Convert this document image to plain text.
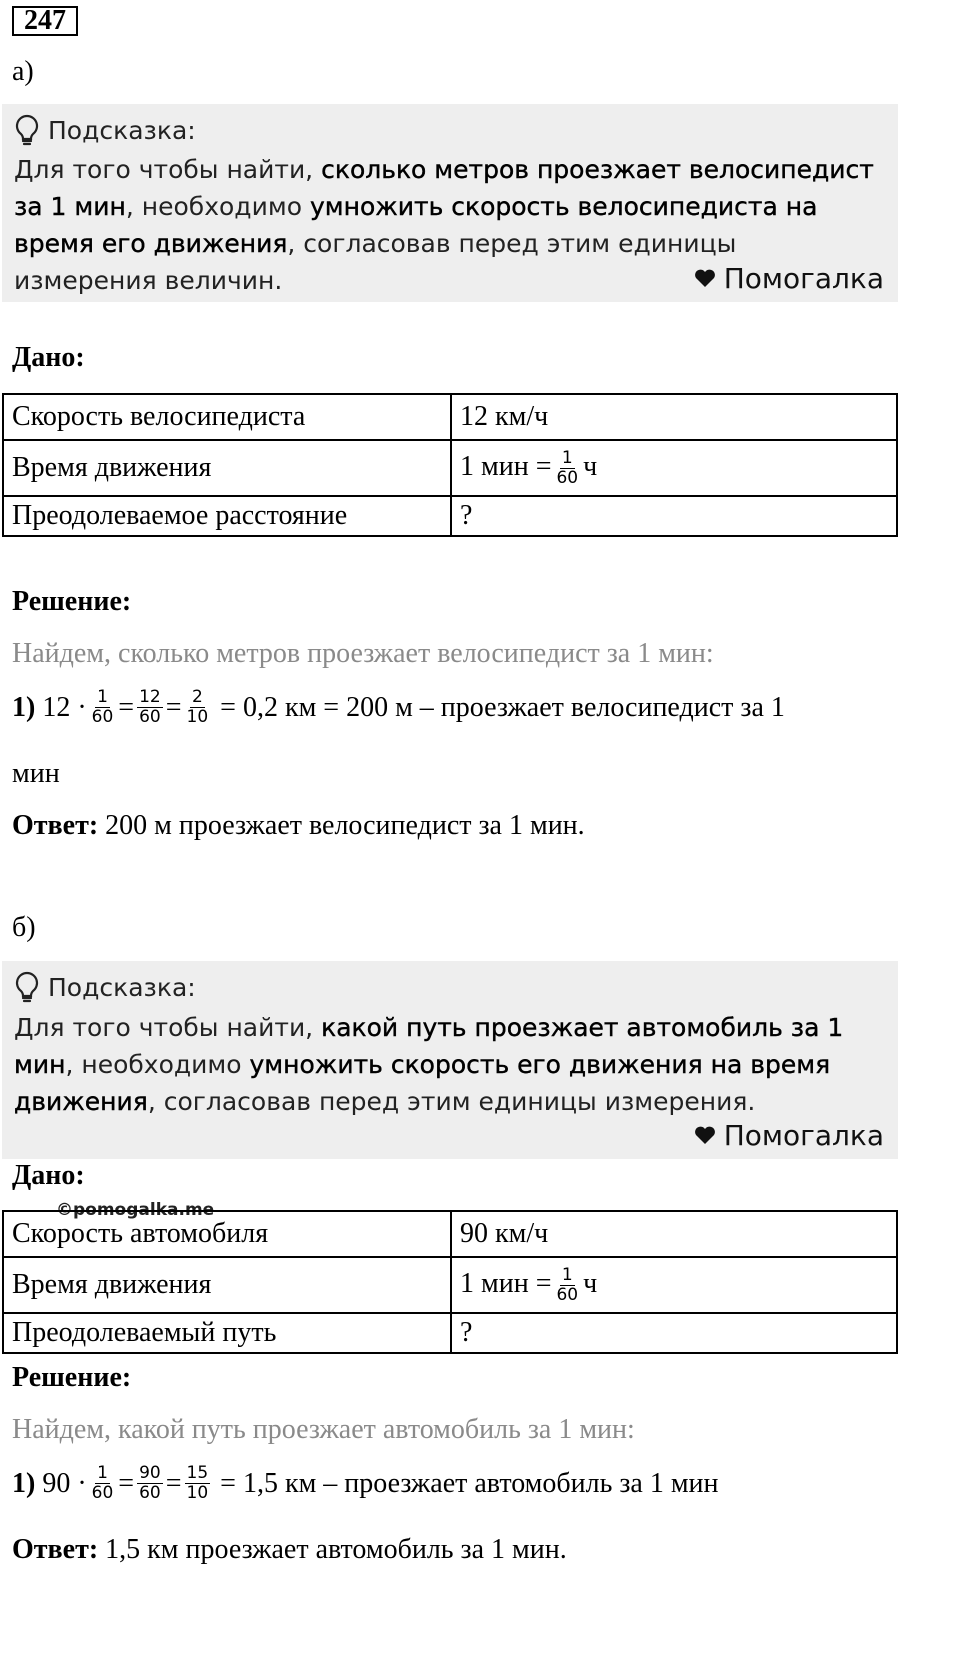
247
а)
Подсказка:
Для того чтобы найти, сколько метров проезжает велосипедист за 1 мин, необходимо умножить скорость велосипедиста на время его движения, согласовав перед этим единицы измерения величин.	Помогалка
Дано:
Скорость велосипедиста	12 км/ч
Время движения	1 мин = $\frac{1}{60}$ ч
Преодолеваемое расстояние	?
Решение:
Найдем, сколько метров проезжает велосипедист за 1 мин:
1)
$12 \cdot \frac{1}{60} = \frac{12}{60} = \frac{2}{10}$
= 0,2 км = 200 м – проезжает велосипедист за 1
мин
Ответ: 200 м проезжает велосипедист за 1 мин.
б)
Подсказка:
Для того чтобы найти, какой путь проезжает автомобиль за 1 мин, необходимо умножить скорость его движения на время движения, согласовав перед этим единицы измерения.
Помогалка
Дано:
©pomogalka.me
Скорость автомобиля	90 км/ч
Время движения	1 мин = $\frac{1}{60}$ ч
Преодолеваемый путь	?
Решение:
Найдем, какой путь проезжает автомобиль за 1 мин:
1)
$90 \cdot \frac{1}{60} = \frac{90}{60} = \frac{15}{10}$
= 1,5 км – проезжает автомобиль за 1 мин
Ответ: 1,5 км проезжает автомобиль за 1 мин.
